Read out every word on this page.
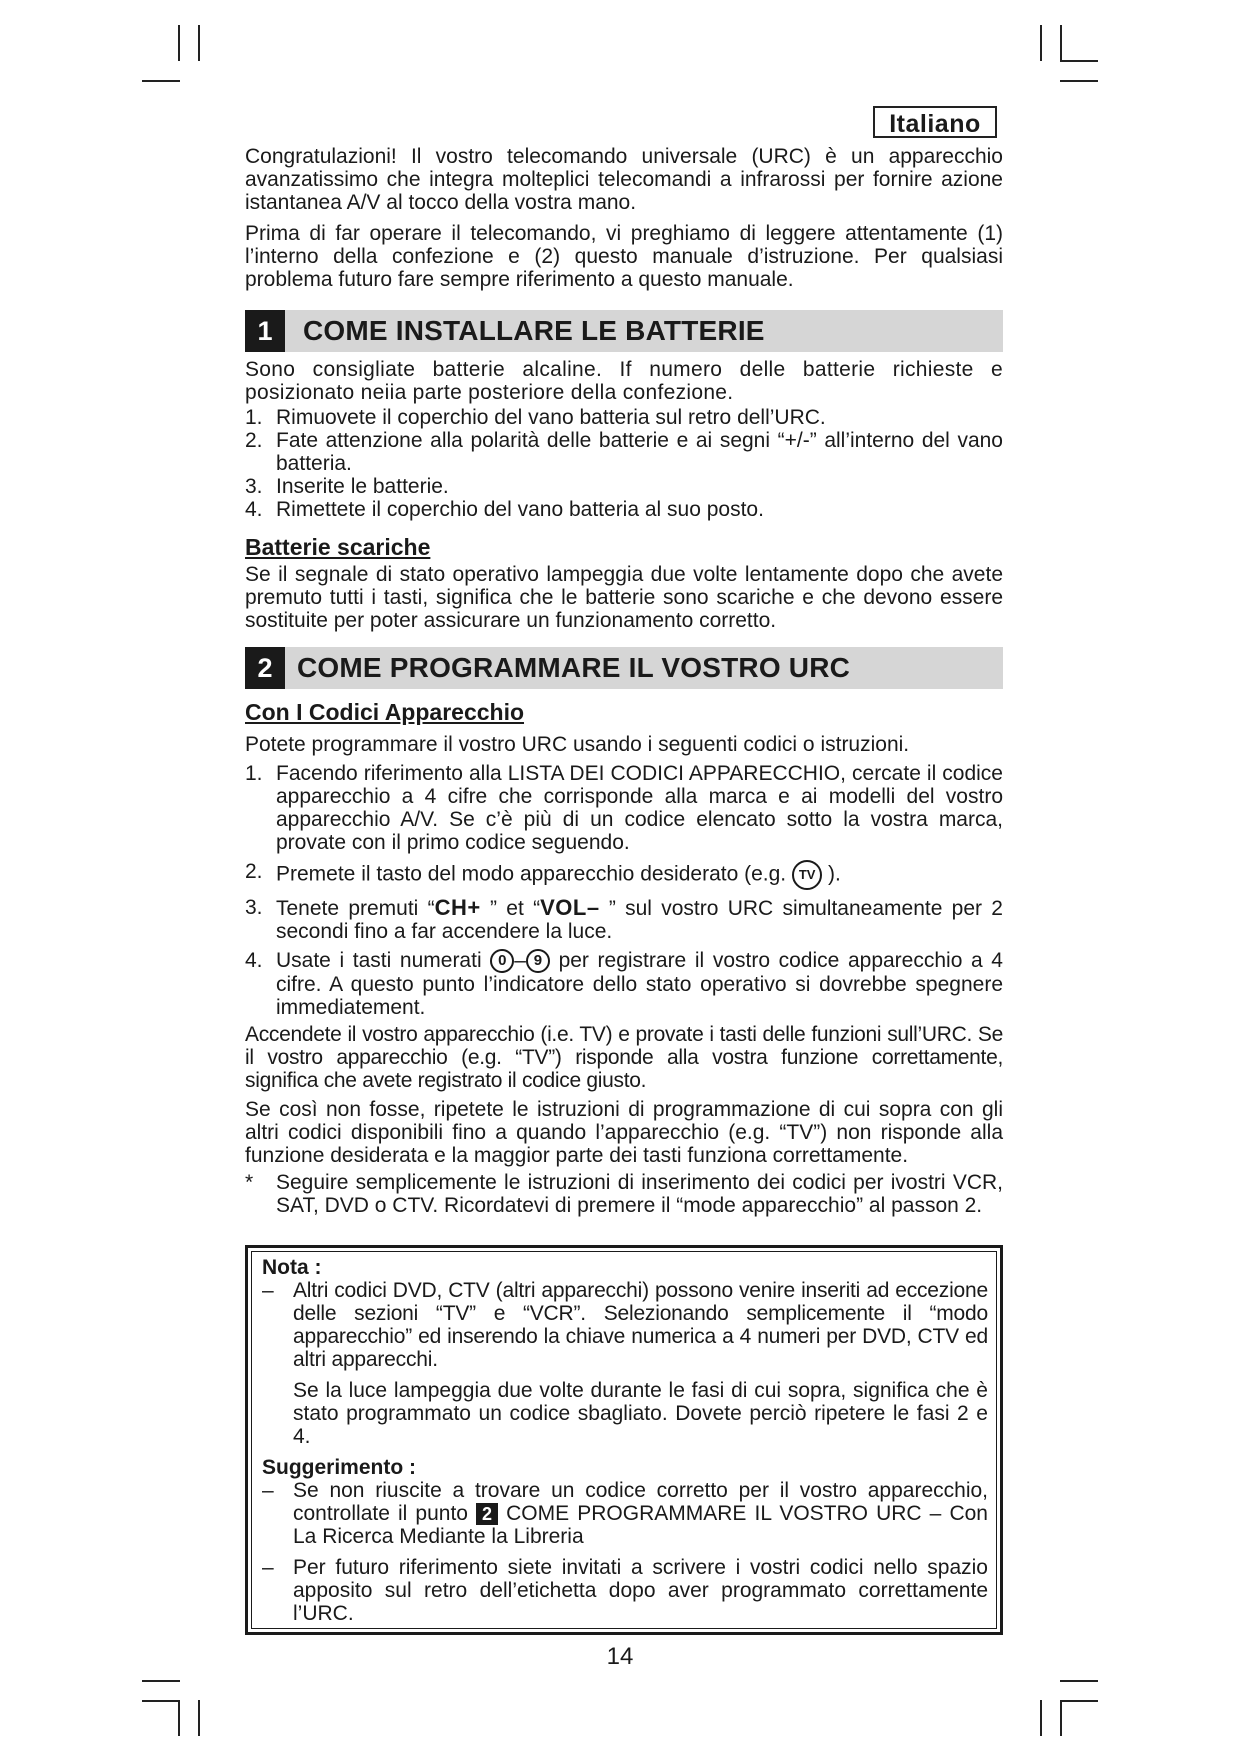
Italiano

Congratulazioni! Il vostro telecomando universale (URC) è un apparecchio avanzatissimo che integra molteplici telecomandi a infrarossi per fornire azione istantanea A/V al tocco della vostra mano.

Prima di far operare il telecomando, vi preghiamo di leggere attentamente (1) l’interno della confezione e (2) questo manuale d’istruzione. Per qualsiasi problema futuro fare sempre riferimento a questo manuale.

1	COME INSTALLARE LE BATTERIE

Sono consigliate batterie alcaline. If numero delle batterie richieste e posizionato neiia parte posteriore della confezione.

1. Rimuovete il coperchio del vano batteria sul retro dell’URC.
2. Fate attenzione alla polarità delle batterie e ai segni “+/-” all’interno del vano batteria.
3. Inserite le batterie.
4. Rimettete il coperchio del vano batteria al suo posto.
Batterie scariche

Se il segnale di stato operativo lampeggia due volte lentamente dopo che avete premuto tutti i tasti, significa che le batterie sono scariche e che devono essere sostituite per poter assicurare un funzionamento corretto.

2 COME PROGRAMMARE IL VOSTRO URC
Con I Codici Apparecchio

Potete programmare il vostro URC usando i seguenti codici o istruzioni.

1. Facendo riferimento alla LISTA DEI CODICI APPARECCHIO, cercate il codice apparecchio a 4 cifre che corrisponde alla marca e ai modelli del vostro apparecchio A/V. Se c’è più di un codice elencato sotto la vostra marca, provate con il primo codice seguendo.
2. Premete il tasto del modo apparecchio desiderato (e.g. TV ).
3. Tenete premuti “CH+ ” et “VOL– ” sul vostro URC simultaneamente per 2 secondi fino a far accendere la luce.
4. Usate i tasti numerati 0 – 9 per registrare il vostro codice apparecchio a 4 cifre. A questo punto l’indicatore dello stato operativo si dovrebbe spegnere immediatement.

Accendete il vostro apparecchio (i.e. TV) e provate i tasti delle funzioni sull’URC. Se il vostro apparecchio (e.g. “TV”) risponde alla vostra funzione correttamente, significa che avete registrato il codice giusto.

Se così non fosse, ripetete le istruzioni di programmazione di cui sopra con gli altri codici disponibili fino a quando l’apparecchio (e.g. “TV”) non risponde alla funzione desiderata e la maggior parte dei tasti funziona correttamente.

* Seguire semplicemente le istruzioni di inserimento dei codici per ivostri VCR, SAT, DVD o CTV. Ricordatevi di premere il “mode apparecchio” al passon 2.
Nota :
– Altri codici DVD, CTV (altri apparecchi) possono venire inseriti ad eccezione delle sezioni “TV” e “VCR”. Selezionando semplicemente il “modo apparecchio” ed inserendo la chiave numerica a 4 numeri per DVD, CTV ed altri apparecchi.
Se la luce lampeggia due volte durante le fasi di cui sopra, significa che è stato programmato un codice sbagliato. Dovete perciò ripetere le fasi 2 e 4.
Suggerimento :
– Se non riuscite a trovare un codice corretto per il vostro apparecchio, controllate il punto 2 COME PROGRAMMARE IL VOSTRO URC – Con La Ricerca Mediante la Libreria
– Per futuro riferimento siete invitati a scrivere i vostri codici nello spazio apposito sul retro dell’etichetta dopo aver programmato correttamente l’URC.
14
